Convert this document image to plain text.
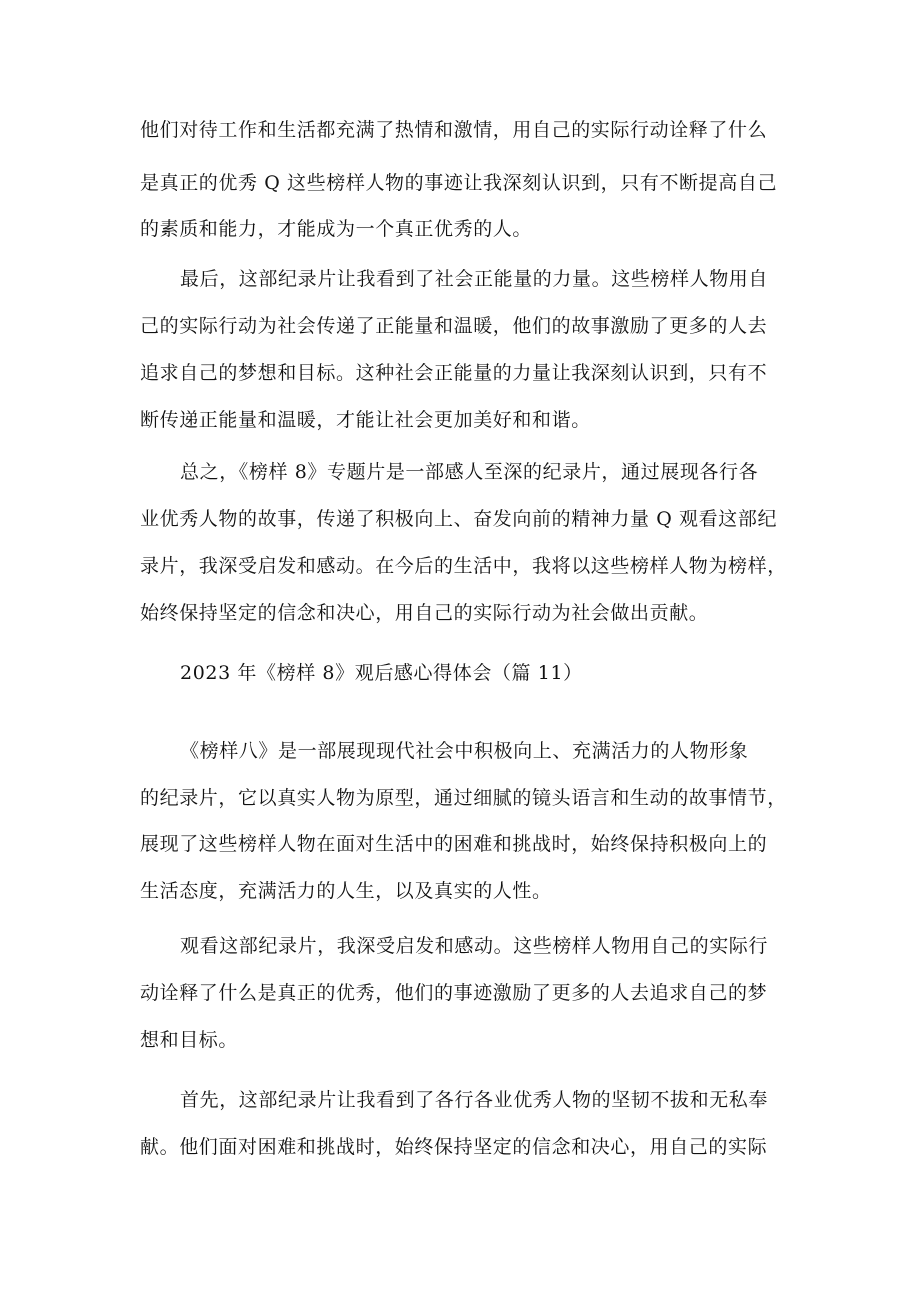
他们对待工作和生活都充满了热情和激情，用自己的实际行动诠释了什么
是真正的优秀 Q 这些榜样人物的事迹让我深刻认识到，只有不断提高自己
的素质和能力，才能成为一个真正优秀的人。
最后，这部纪录片让我看到了社会正能量的力量。这些榜样人物用自
己的实际行动为社会传递了正能量和温暖，他们的故事激励了更多的人去
追求自己的梦想和目标。这种社会正能量的力量让我深刻认识到，只有不
断传递正能量和温暖，才能让社会更加美好和和谐。
总之，《榜样 8》专题片是一部感人至深的纪录片，通过展现各行各
业优秀人物的故事，传递了积极向上、奋发向前的精神力量 Q 观看这部纪
录片，我深受启发和感动。在今后的生活中，我将以这些榜样人物为榜样，
始终保持坚定的信念和决心，用自己的实际行动为社会做出贡献。
2023 年《榜样 8》观后感心得体会（篇 11）
《榜样八》是一部展现现代社会中积极向上、充满活力的人物形象
的纪录片，它以真实人物为原型，通过细腻的镜头语言和生动的故事情节，
展现了这些榜样人物在面对生活中的困难和挑战时，始终保持积极向上的
生活态度，充满活力的人生，以及真实的人性。
观看这部纪录片，我深受启发和感动。这些榜样人物用自己的实际行
动诠释了什么是真正的优秀，他们的事迹激励了更多的人去追求自己的梦
想和目标。
首先，这部纪录片让我看到了各行各业优秀人物的坚韧不拔和无私奉
献。他们面对困难和挑战时，始终保持坚定的信念和决心，用自己的实际
